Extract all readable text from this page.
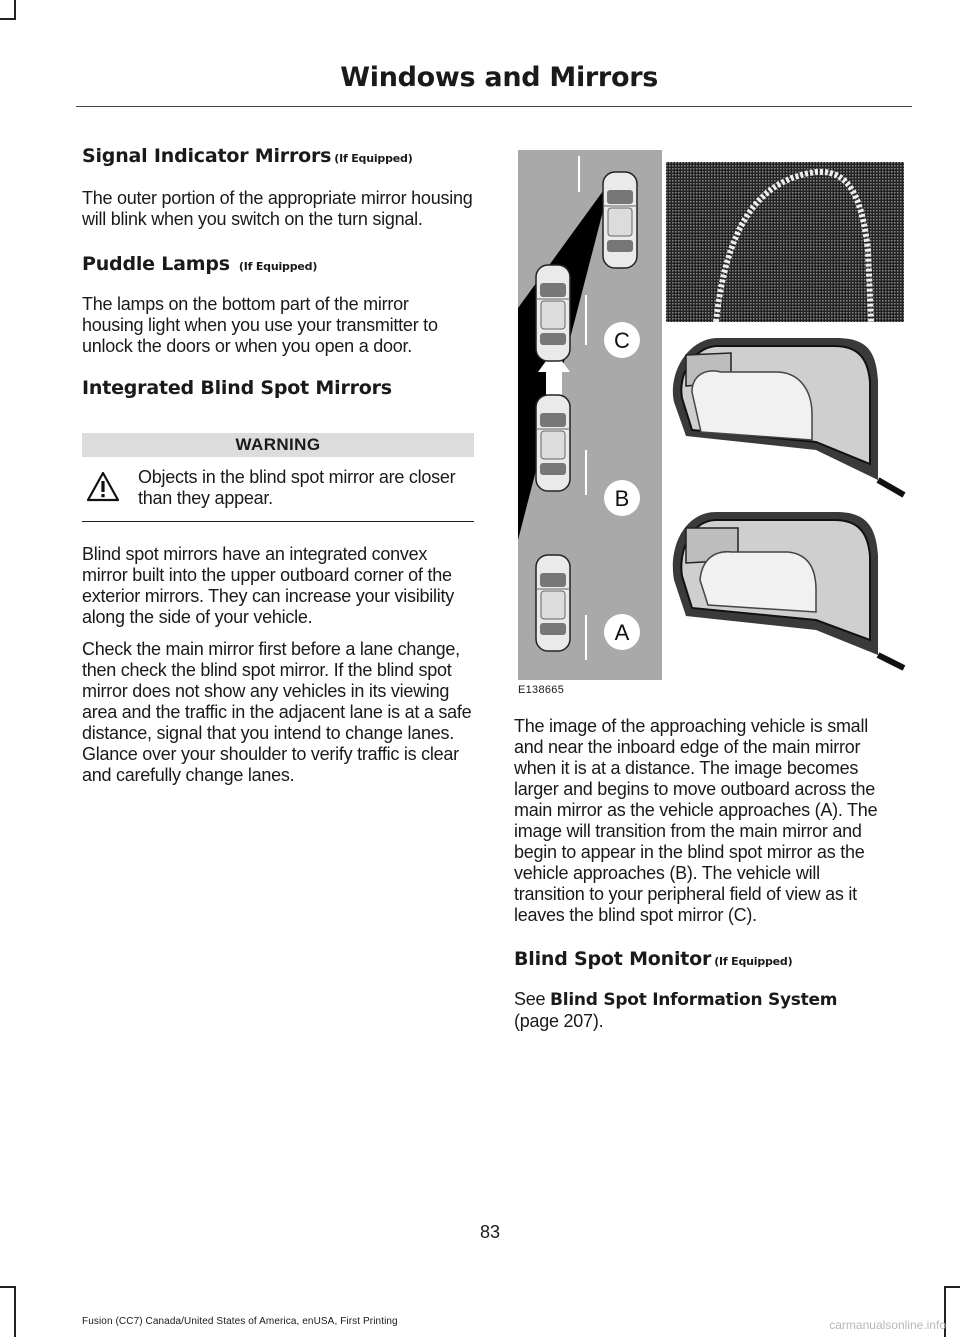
Windows and Mirrors
Signal Indicator Mirrors (If Equipped)

The outer portion of the appropriate mirror housing will blink when you switch on the turn signal.

Puddle Lamps (If Equipped)

The lamps on the bottom part of the mirror housing light when you use your transmitter to unlock the doors or when you open a door.

Integrated Blind Spot Mirrors
WARNING
Objects in the blind spot mirror are closer than they appear.

Blind spot mirrors have an integrated convex mirror built into the upper outboard corner of the exterior mirrors. They can increase your visibility along the side of your vehicle.

Check the main mirror first before a lane change, then check the blind spot mirror. If the blind spot mirror does not show any vehicles in its viewing area and the traffic in the adjacent lane is at a safe distance, signal that you intend to change lanes. Glance over your shoulder to verify traffic is clear and carefully change lanes.

C
B
A
E138665

The image of the approaching vehicle is small and near the inboard edge of the main mirror when it is at a distance. The image becomes larger and begins to move outboard across the main mirror as the vehicle approaches (A). The image will transition from the main mirror and begin to appear in the blind spot mirror as the vehicle approaches (B). The vehicle will transition to your peripheral field of view as it leaves the blind spot mirror (C).

Blind Spot Monitor (If Equipped)

See Blind Spot Information System
(page 207).

83
Fusion (CC7) Canada/United States of America, enUSA, First Printing	carmanualsonline.info
